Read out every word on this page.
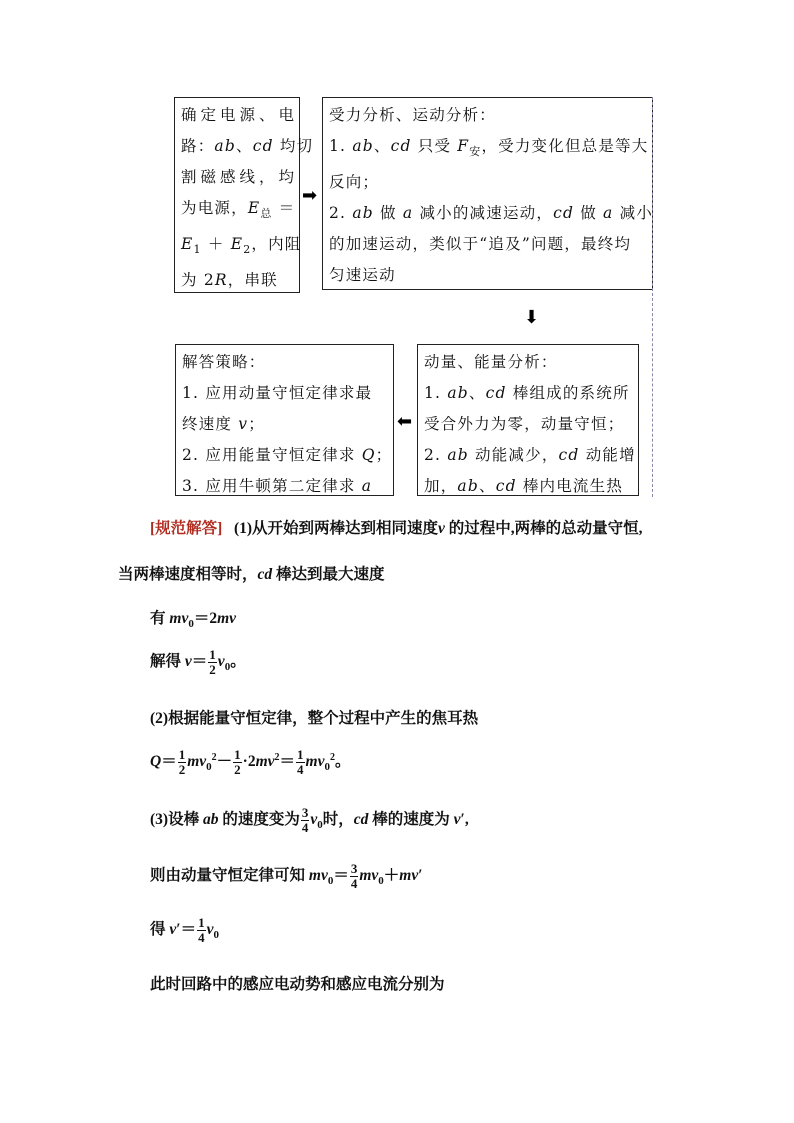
确定电源、电
路：ab、cd 均切
割磁感线，均
为电源，$E_总$ ＝
$E_1 + E_2$，内阻
为 2R，串联
➡
受力分析、运动分析：
1. ab、cd 只受 $F_安$，受力变化但总是等大
反向；
2. ab 做 a 减小的减速运动，cd 做 a 减小
的加速运动，类似于“追及”问题，最终均
匀速运动
⬇
动量、能量分析：
1. ab、cd 棒组成的系统所
受合外力为零，动量守恒；
2. ab 动能减少，cd 动能增
加，ab、cd 棒内电流生热
⬅
解答策略：
1. 应用动量守恒定律求最
终速度 v；
2. 应用能量守恒定律求 Q；
3. 应用牛顿第二定律求 a
[规范解答]   (1)从开始到两棒达到相同速度v 的过程中,两棒的总动量守恒,
当两棒速度相等时，cd 棒达到最大速度
有 $mv_0=2mv$
解得 $v= \frac{1}{2} v_0$。
(2)根据能量守恒定律，整个过程中产生的焦耳热
$Q= \frac{1}{2} mv_0^2- \frac{1}{2} \cdot 2mv^2= \frac{1}{4} mv_0^2$。
(3)设棒 ab 的速度变为 $\frac{3}{4} v_0$时，cd 棒的速度为 v′,
则由动量守恒定律可知 $mv_0= \frac{3}{4} mv_0+mv'$
得 $v'= \frac{1}{4} v_0$
此时回路中的感应电动势和感应电流分别为
